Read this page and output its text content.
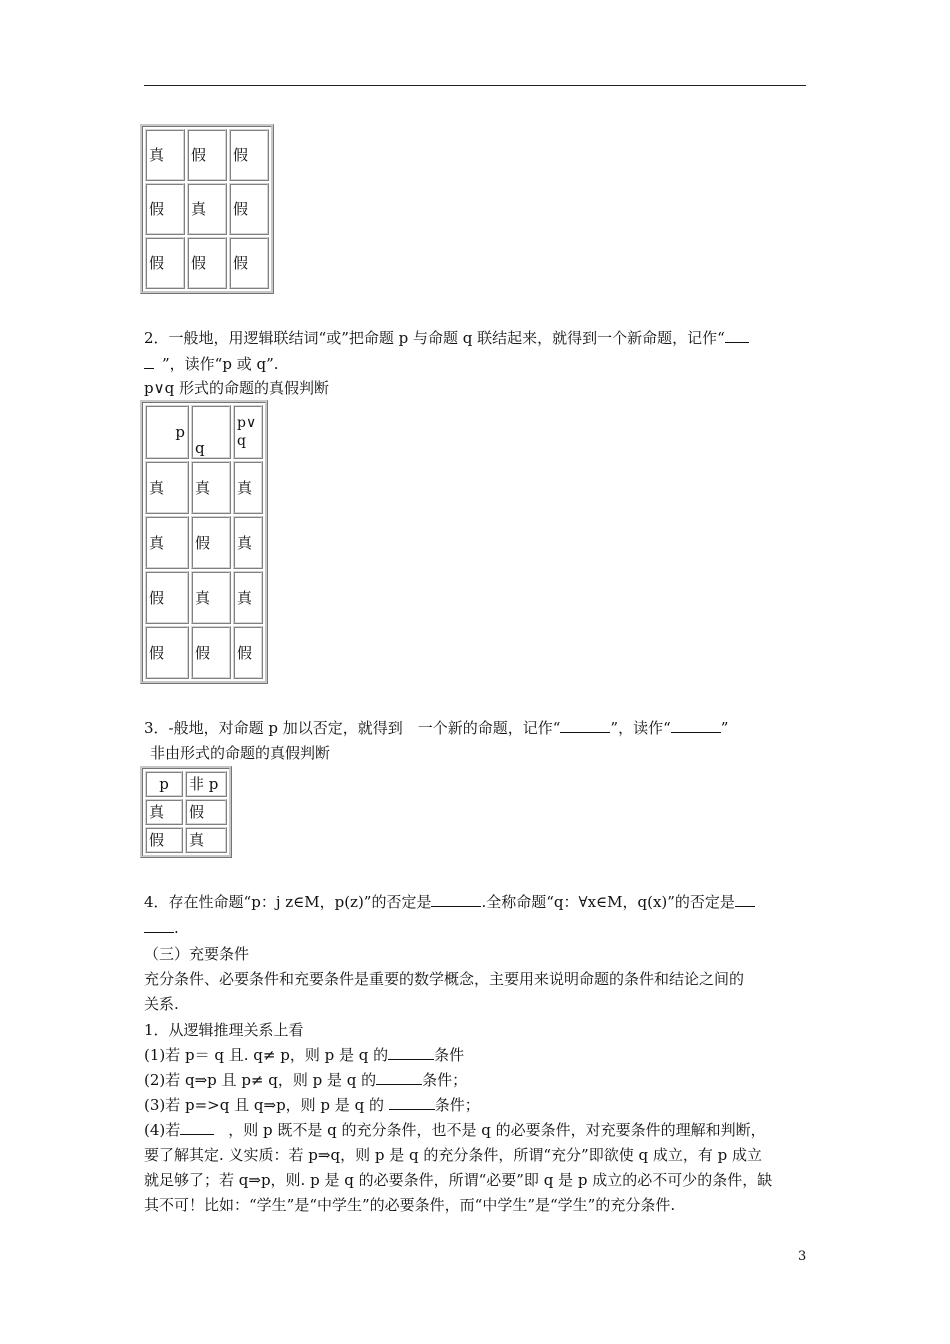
真	假	假
假	真	假
假	假	假
2．一般地，用逻辑联结词“或”把命题 p 与命题 q 联结起来，就得到一个新命题，记作“
”，读作“p 或 q”.
p∨q 形式的命题的真假判断
p	q	p∨q
真	真	真
真	假	真
假	真	真
假	假	假
3．-般地，对命题 p 加以否定，就得到　一个新的命题，记作“	”，读作“	”
非由形式的命题的真假判断
p	非 p
真	假
假	真
4．存在性命题“p：j z∈M，p(z)”的否定是	.全称命题“q：∀x∈M，q(x)”的否定是
.
（三）充要条件
充分条件、必要条件和充要条件是重要的数学概念，主要用来说明命题的条件和结论之间的
关系.
1．从逻辑推理关系上看
(1)若 p＝ q 且. q≠ p，则 p 是 q 的	条件
(2)若 q⇒p 且 p≠ q，则 p 是 q 的	条件；
(3)若 p=>q 且 q⇒p，则 p 是 q 的	条件；
(4)若	，则 p 既不是 q 的充分条件，也不是 q 的必要条件，对充要条件的理解和判断，
要了解其定. 义实质：若 p⇒q，则 p 是 q 的充分条件，所谓“充分”即欲使 q 成立，有 p 成立
就足够了；若 q⇒p，则. p 是 q 的必要条件，所谓“必要”即 q 是 p 成立的必不可少的条件，缺
其不可！比如：“学生”是“中学生”的必要条件，而“中学生”是“学生”的充分条件.
3
